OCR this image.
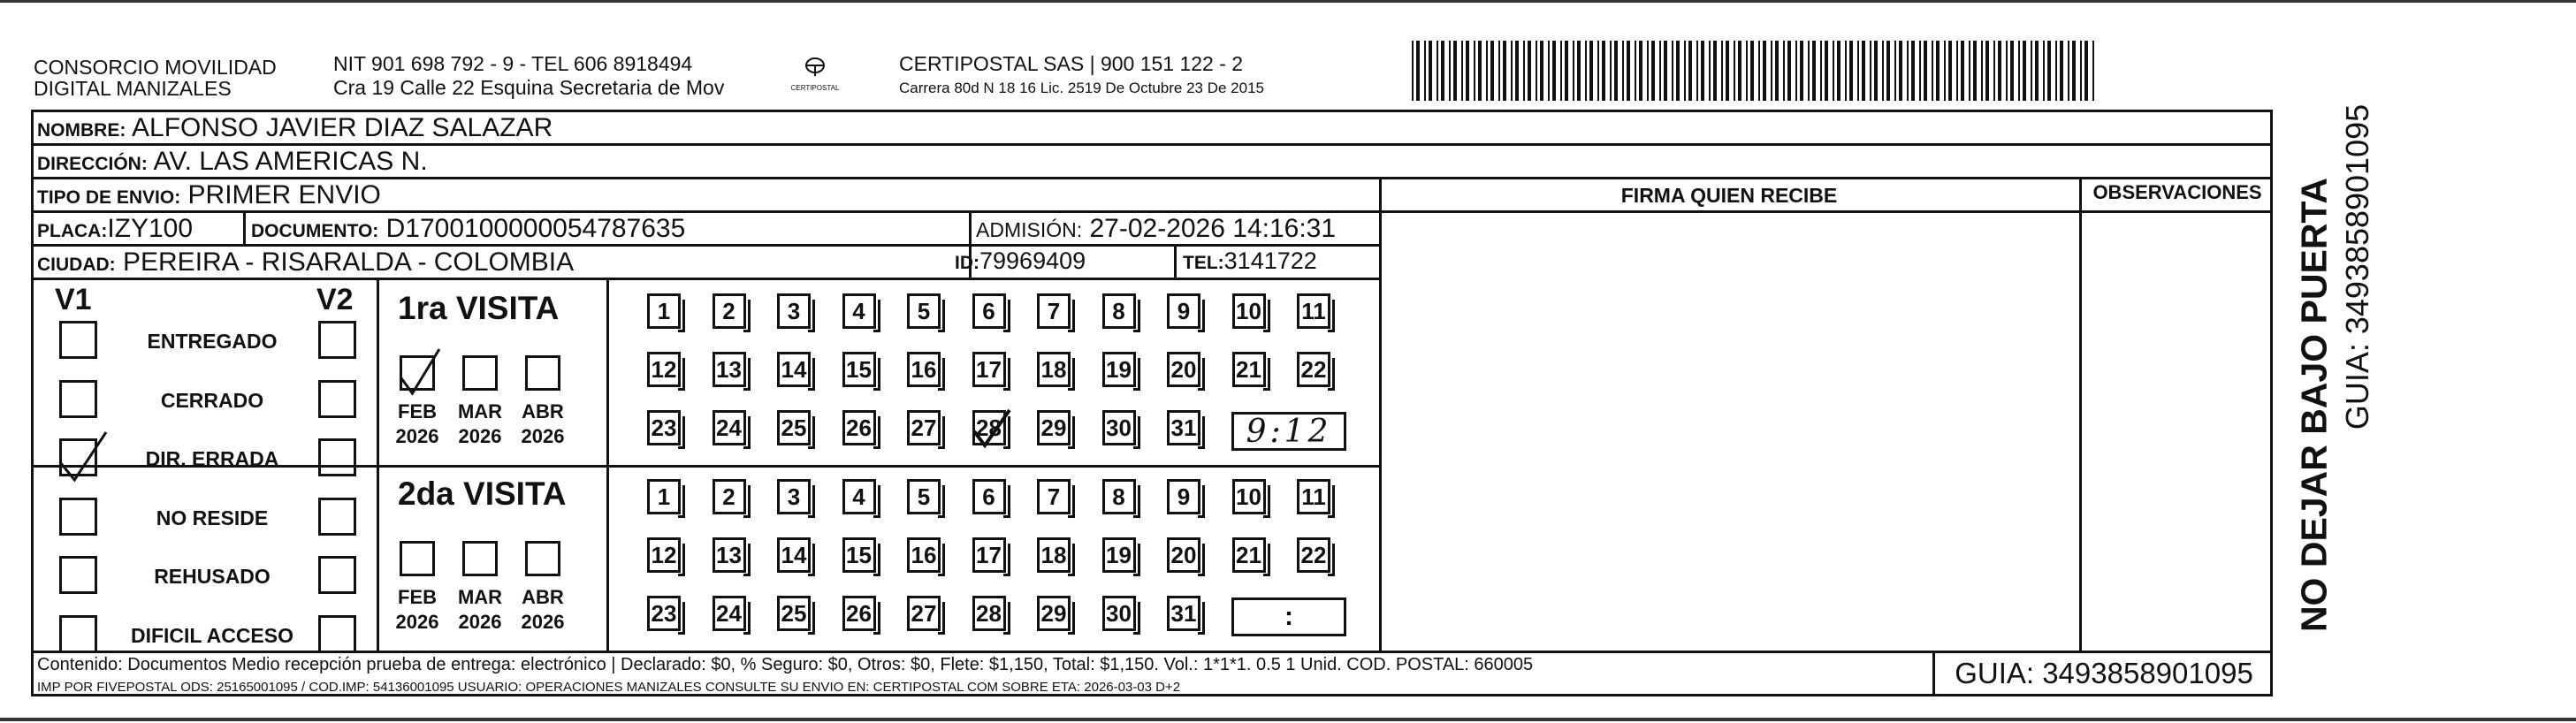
CONSORCIO MOVILIDAD
DIGITAL MANIZALES
NIT 901 698 792 - 9 - TEL 606 8918494
Cra 19 Calle 22 Esquina Secretaria de Mov	CERTIPOSTAL
CERTIPOSTAL SAS | 900 151 122 - 2
Carrera 80d N 18 16 Lic. 2519 De Octubre 23 De 2015
NOMBRE: ALFONSO JAVIER DIAZ SALAZAR
DIRECCIÓN: AV. LAS AMERICAS N.
TIPO DE ENVIO: PRIMER ENVIO
PLACA:IZY100	DOCUMENTO: D1700100000054787635	ADMISIÓN: 27-02-2026 14:16:31
CIUDAD: PEREIRA - RISARALDA - COLOMBIA	ID:79969409	TEL:3141722
FIRMA QUIEN RECIBE	OBSERVACIONES
V1	V2
Contenido: Documentos Medio recepción prueba de entrega: electrónico | Declarado: $0, % Seguro: $0, Otros: $0, Flete: $1,150, Total: $1,150. Vol.: 1*1*1. 0.5 1 Unid. COD. POSTAL: 660005
IMP POR FIVEPOSTAL ODS: 25165001095 / COD.IMP: 54136001095 USUARIO: OPERACIONES MANIZALES CONSULTE SU ENVIO EN: CERTIPOSTAL COM SOBRE ETA: 2026-03-03 D+2	GUIA: 3493858901095
NO DEJAR BAJO PUERTA GUIA: 3493858901095
ENTREGADO
CERRADO
DIR. ERRADA
NO RESIDE
REHUSADO
DIFICIL ACCESO
1ra VISITA
FEB
2026
MAR
2026
ABR
2026
1	2	3	4	5	6	7	8	9	10 11
12 13 14 15 16 17 18 19 20 21 22
23 24 25 26 27 28 29 30 31 9:12
2da VISITA
FEB
2026
MAR
2026
ABR
2026
1	2	3	4	5	6	7	8	9	10 11
12 13 14 15 16 17 18 19 20 21 22
23 24 25 26 27 28 29 30 31	:
